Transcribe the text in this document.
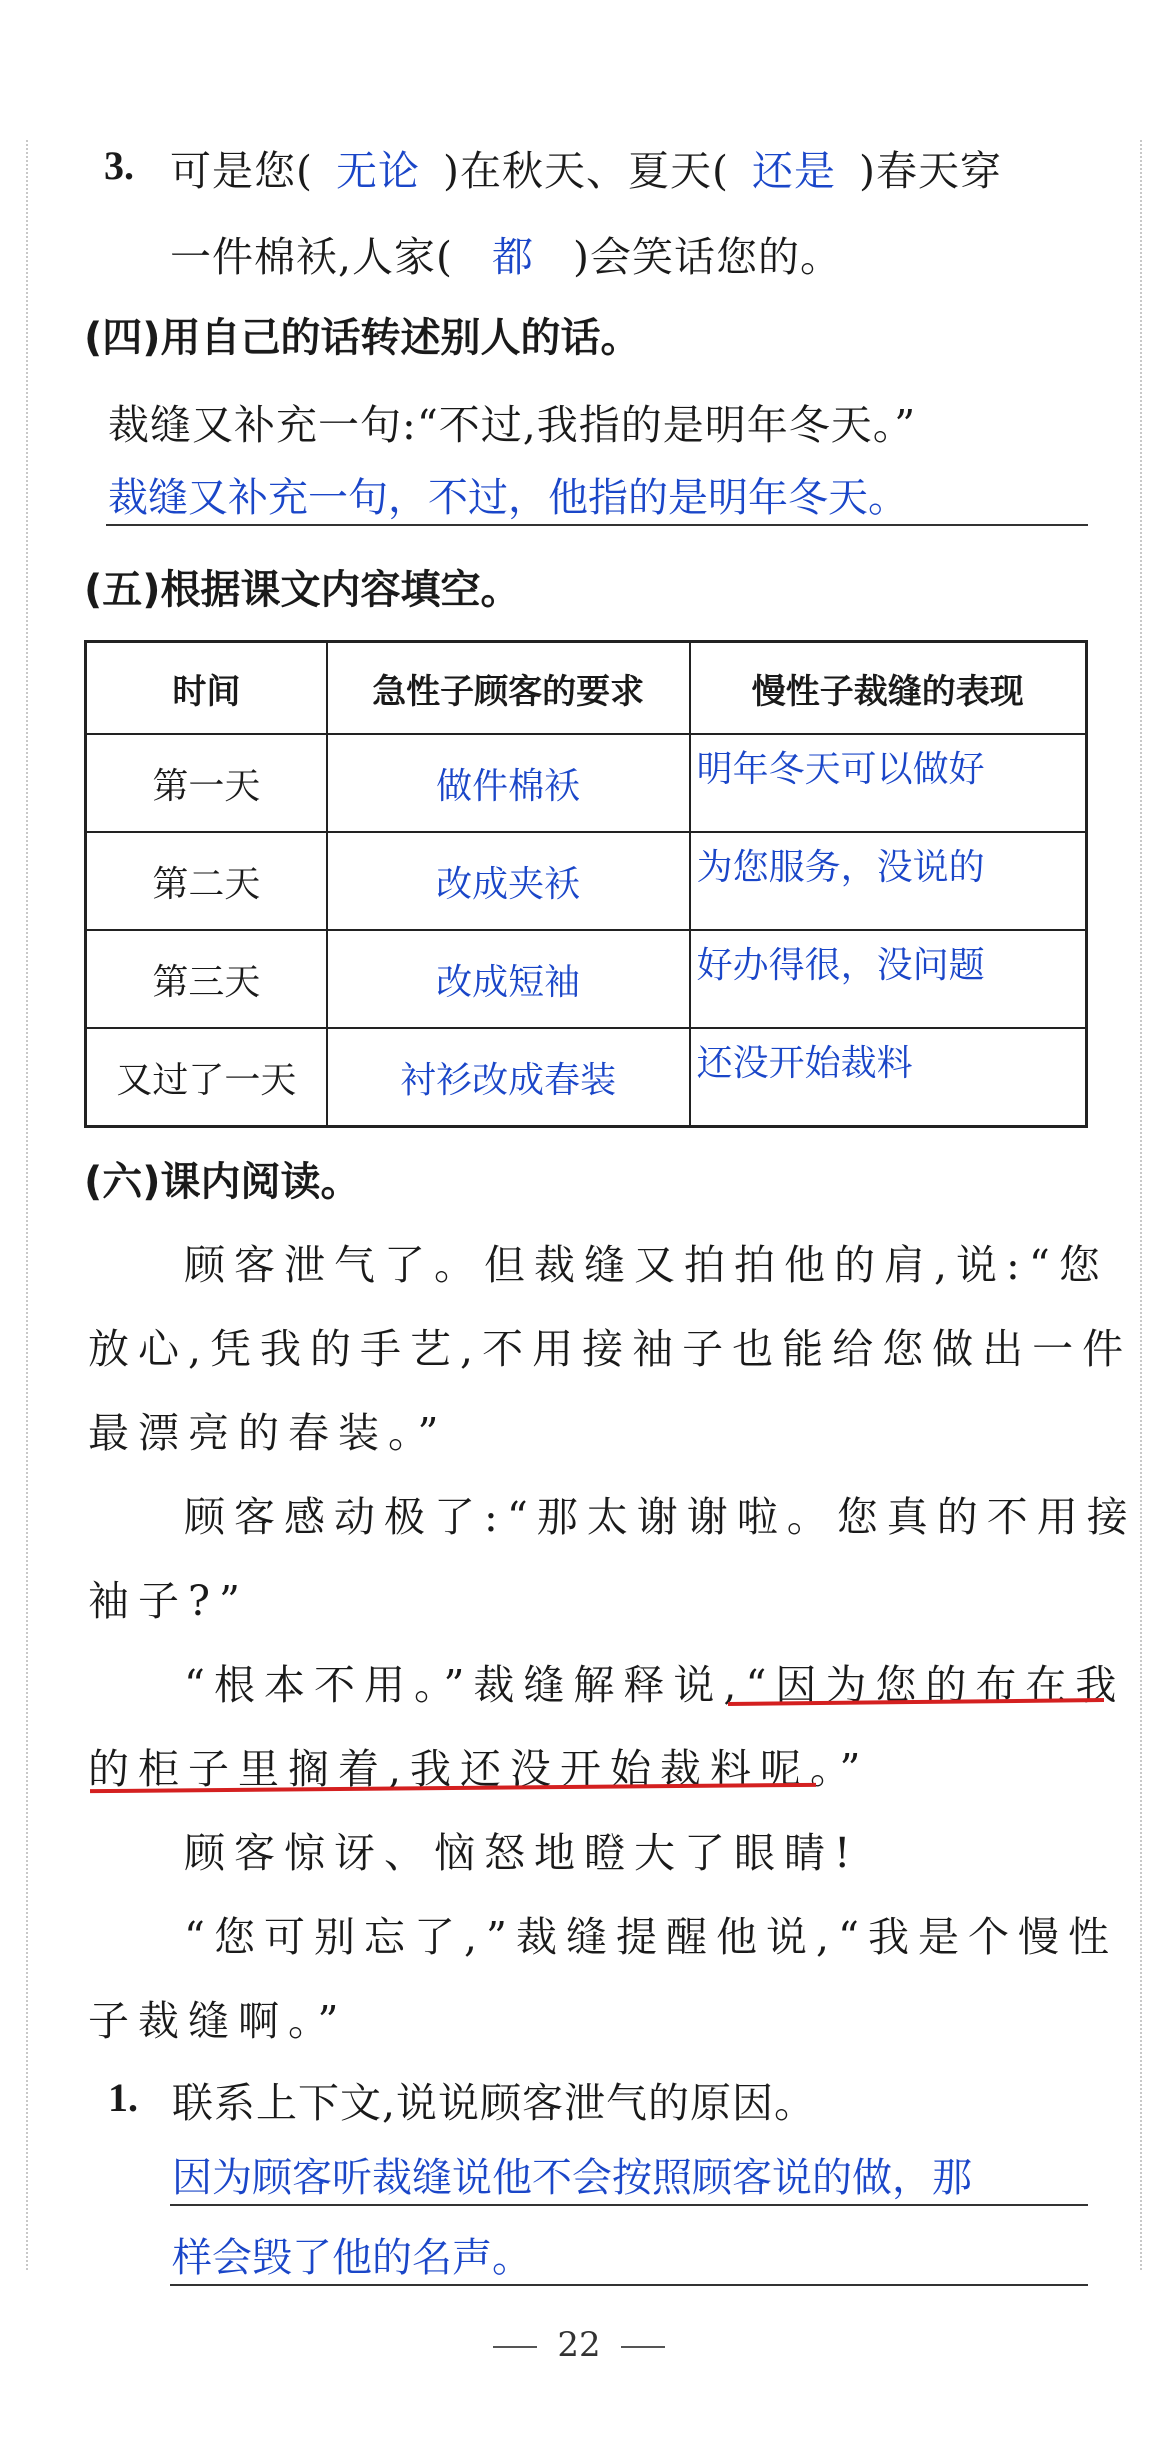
3. 可是您( 无论 )在秋天、夏天( 还是 )春天穿
一件棉袄,人家( 都 )会笑话您的。
(四)用自己的话转述别人的话。
裁缝又补充一句:“不过,我指的是明年冬天。”
裁缝又补充一句，不过，他指的是明年冬天。
(五)根据课文内容填空。
时间	急性子顾客的要求	慢性子裁缝的表现
第一天	做件棉袄	明年冬天可以做好
第二天	改成夹袄	为您服务，没说的
第三天	改成短袖	好办得很，没问题
又过了一天	衬衫改成春装	还没开始裁料
(六)课内阅读。
顾客泄气了。但裁缝又拍拍他的肩,说:“您
放心,凭我的手艺,不用接袖子也能给您做出一件
最漂亮的春装。”
顾客感动极了:“那太谢谢啦。您真的不用接
袖子?”
“根本不用。”裁缝解释说,“因为您的布在我
的柜子里搁着,我还没开始裁料呢。”
顾客惊讶、恼怒地瞪大了眼睛!
“您可别忘了,”裁缝提醒他说,“我是个慢性
子裁缝啊。”
1. 联系上下文,说说顾客泄气的原因。
因为顾客听裁缝说他不会按照顾客说的做，那
样会毁了他的名声。
22
